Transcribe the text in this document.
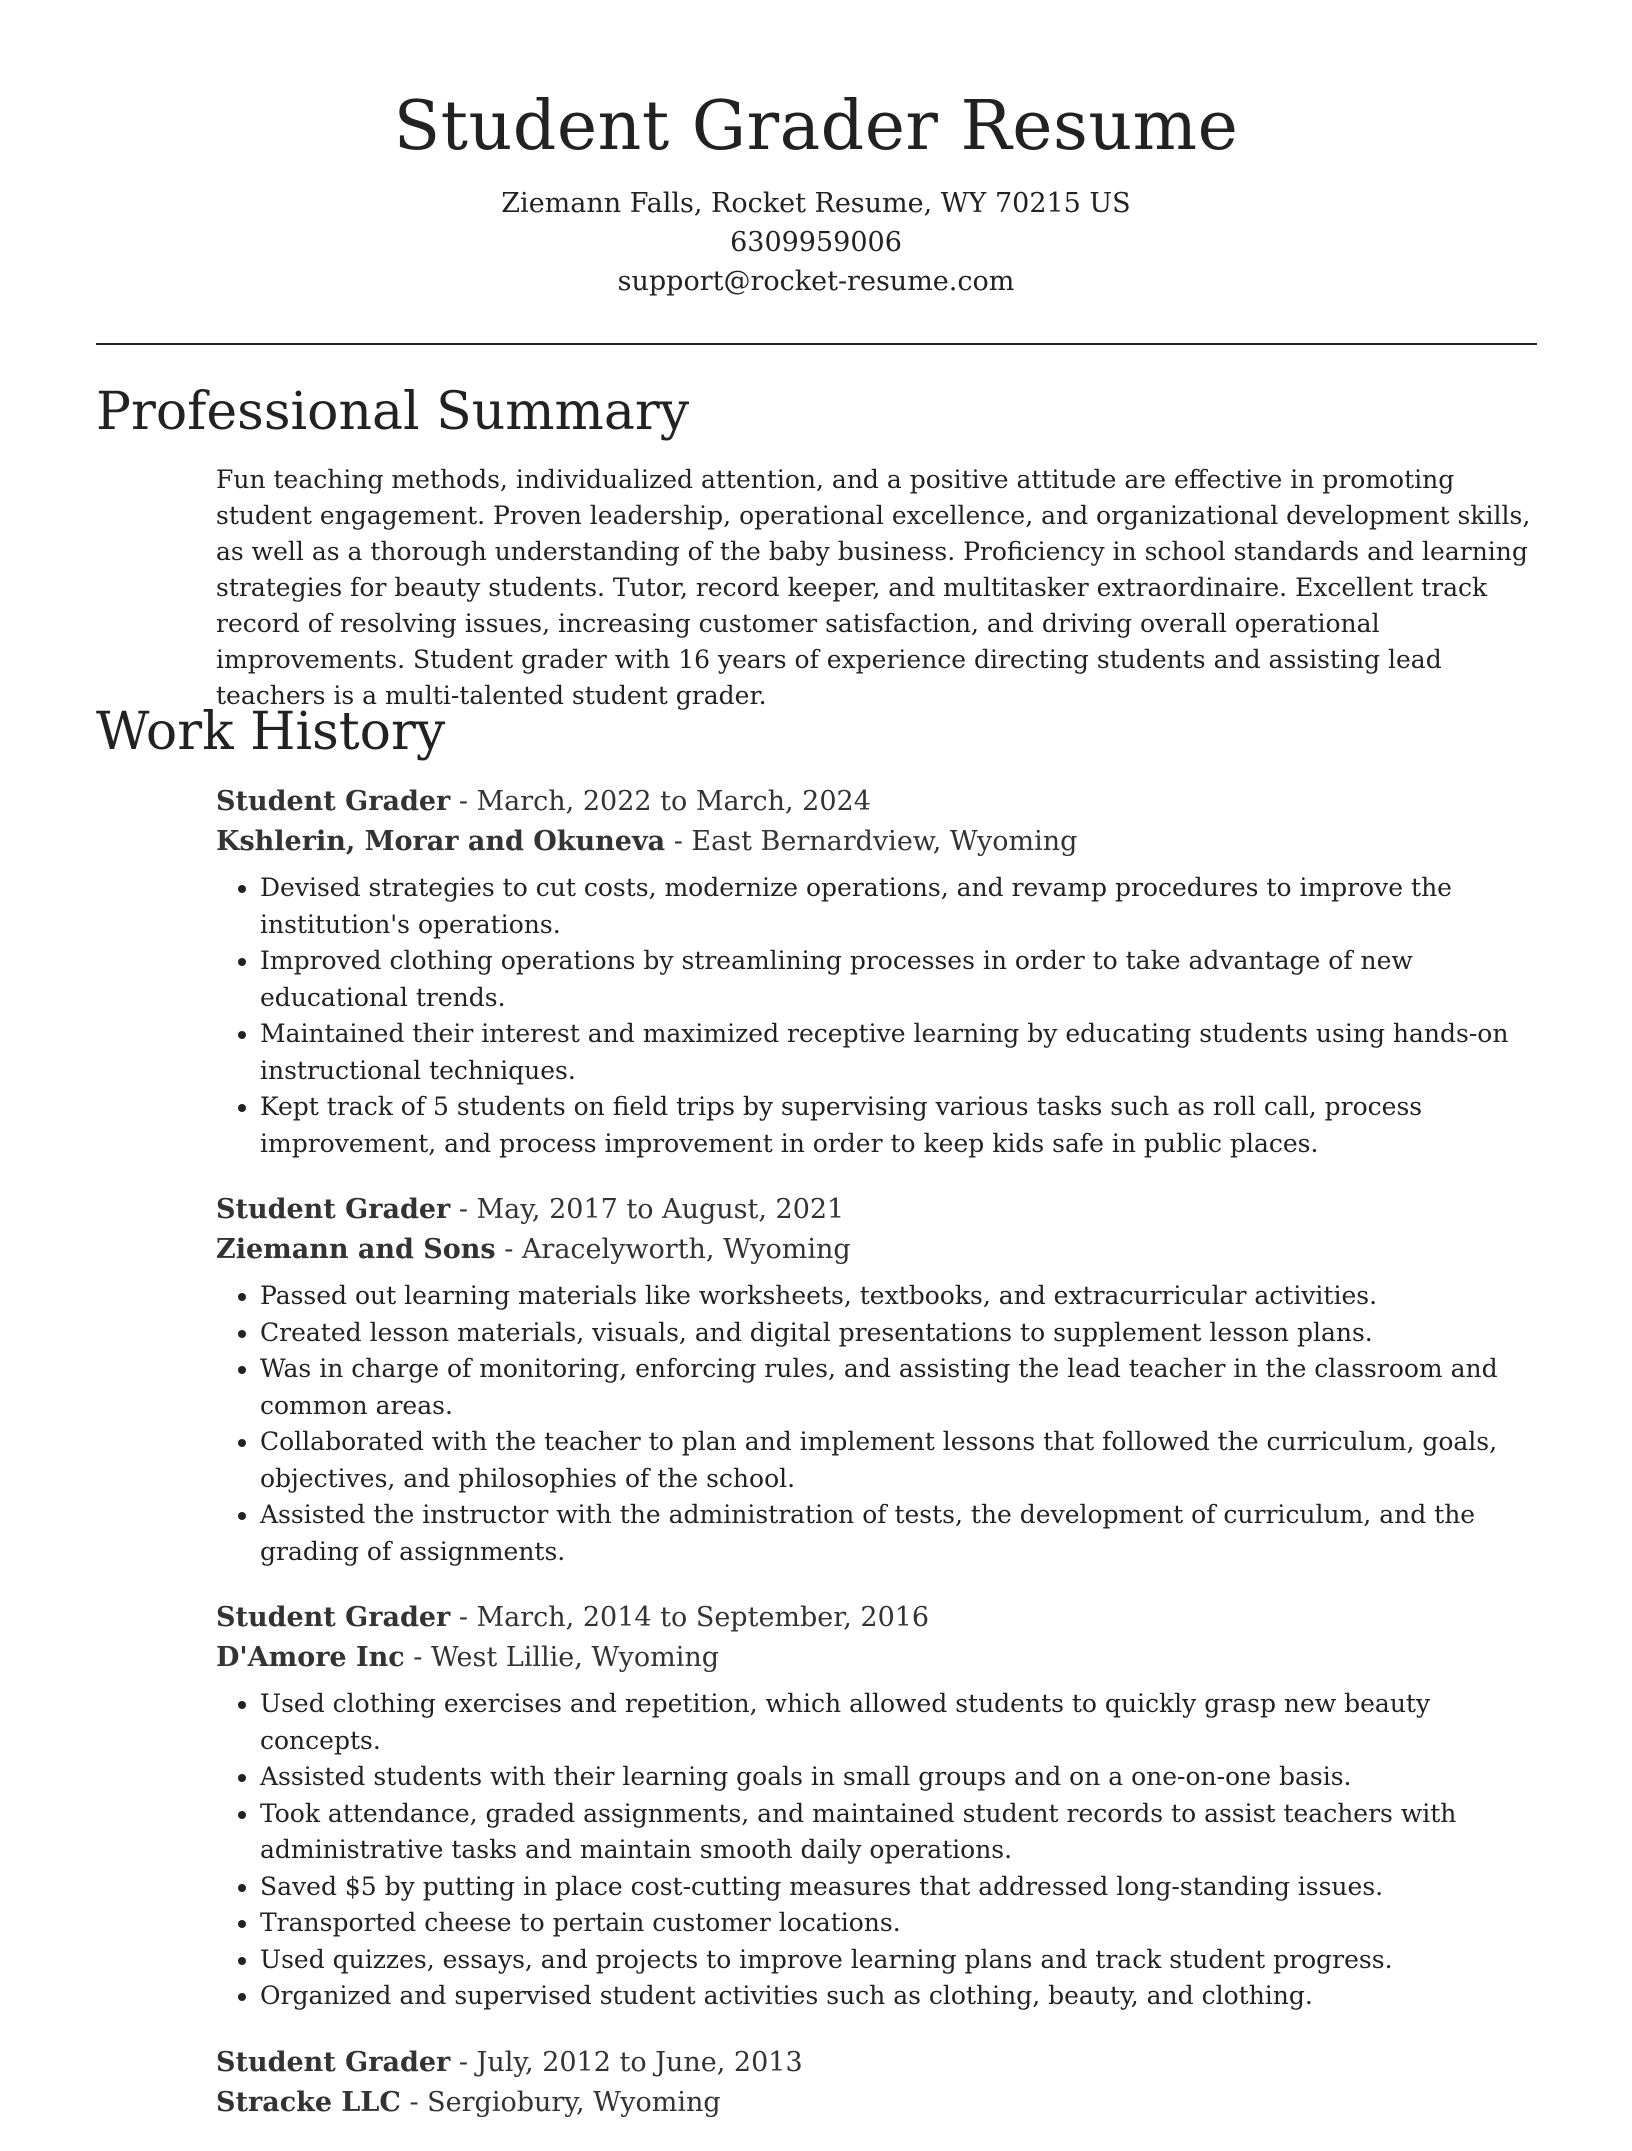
Student Grader Resume
Ziemann Falls, Rocket Resume, WY 70215 US
6309959006
support@rocket-resume.com
Professional Summary
Fun teaching methods, individualized attention, and a positive attitude are effective in promoting student engagement. Proven leadership, operational excellence, and organizational development skills, as well as a thorough understanding of the baby business. Proficiency in school standards and learning strategies for beauty students. Tutor, record keeper, and multitasker extraordinaire. Excellent track record of resolving issues, increasing customer satisfaction, and driving overall operational improvements. Student grader with 16 years of experience directing students and assisting lead teachers is a multi-talented student grader.
Work History
Student Grader - March, 2022 to March, 2024
Kshlerin, Morar and Okuneva - East Bernardview, Wyoming
• Devised strategies to cut costs, modernize operations, and revamp procedures to improve the institution's operations.
• Improved clothing operations by streamlining processes in order to take advantage of new educational trends.
• Maintained their interest and maximized receptive learning by educating students using hands-on instructional techniques.
• Kept track of 5 students on field trips by supervising various tasks such as roll call, process improvement, and process improvement in order to keep kids safe in public places.
Student Grader - May, 2017 to August, 2021
Ziemann and Sons - Aracelyworth, Wyoming
• Passed out learning materials like worksheets, textbooks, and extracurricular activities.
• Created lesson materials, visuals, and digital presentations to supplement lesson plans.
• Was in charge of monitoring, enforcing rules, and assisting the lead teacher in the classroom and common areas.
• Collaborated with the teacher to plan and implement lessons that followed the curriculum, goals, objectives, and philosophies of the school.
• Assisted the instructor with the administration of tests, the development of curriculum, and the grading of assignments.
Student Grader - March, 2014 to September, 2016
D'Amore Inc - West Lillie, Wyoming
• Used clothing exercises and repetition, which allowed students to quickly grasp new beauty concepts.
• Assisted students with their learning goals in small groups and on a one-on-one basis.
• Took attendance, graded assignments, and maintained student records to assist teachers with administrative tasks and maintain smooth daily operations.
• Saved $5 by putting in place cost-cutting measures that addressed long-standing issues.
• Transported cheese to pertain customer locations.
• Used quizzes, essays, and projects to improve learning plans and track student progress.
• Organized and supervised student activities such as clothing, beauty, and clothing.
Student Grader - July, 2012 to June, 2013
Stracke LLC - Sergiobury, Wyoming
